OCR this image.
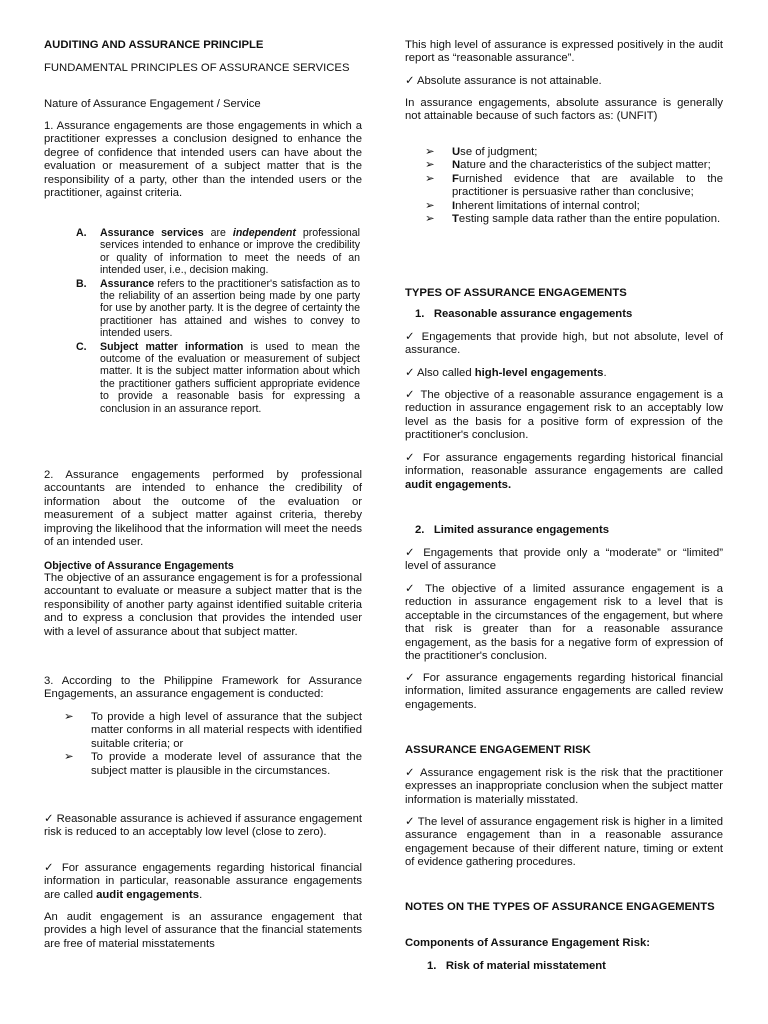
AUDITING AND ASSURANCE PRINCIPLE

FUNDAMENTAL PRINCIPLES OF ASSURANCE SERVICES

Nature of Assurance Engagement / Service

1. Assurance engagements are those engagements in which a practitioner expresses a conclusion designed to enhance the degree of confidence that intended users can have about the evaluation or measurement of a subject matter that is the responsibility of a party, other than the intended users or the practitioner, against criteria.

A.	Assurance services are independent professional services intended to enhance or improve the credibility or quality of information to meet the needs of an intended user, i.e., decision making.
B.	Assurance refers to the practitioner's satisfaction as to the reliability of an assertion being made by one party for use by another party. It is the degree of certainty the practitioner has attained and wishes to convey to intended users.
C.	Subject matter information is used to mean the outcome of the evaluation or measurement of subject matter. It is the subject matter information about which the practitioner gathers sufficient appropriate evidence to provide a reasonable basis for expressing a conclusion in an assurance report.

2. Assurance engagements performed by professional accountants are intended to enhance the credibility of information about the outcome of the evaluation or measurement of a subject matter against criteria, thereby improving the likelihood that the information will meet the needs of an intended user.

Objective of Assurance Engagements

The objective of an assurance engagement is for a professional accountant to evaluate or measure a subject matter that is the responsibility of another party against identified suitable criteria and to express a conclusion that provides the intended user with a level of assurance about that subject matter.

3. According to the Philippine Framework for Assurance Engagements, an assurance engagement is conducted:

➢	To provide a high level of assurance that the subject matter conforms in all material respects with identified suitable criteria; or
➢	To provide a moderate level of assurance that the subject matter is plausible in the circumstances.

✓ Reasonable assurance is achieved if assurance engagement risk is reduced to an acceptably low level (close to zero).

✓ For assurance engagements regarding historical financial information in particular, reasonable assurance engagements are called audit engagements.

An audit engagement is an assurance engagement that provides a high level of assurance that the financial statements are free of material misstatements

This high level of assurance is expressed positively in the audit report as “reasonable assurance”.

✓ Absolute assurance is not attainable.

In assurance engagements, absolute assurance is generally not attainable because of such factors as: (UNFIT)

➢	Use of judgment;
➢	Nature and the characteristics of the subject matter;
➢	Furnished evidence that are available to the practitioner is persuasive rather than conclusive;
➢	Inherent limitations of internal control;
➢	Testing sample data rather than the entire population.

TYPES OF ASSURANCE ENGAGEMENTS

1.   Reasonable assurance engagements

✓ Engagements that provide high, but not absolute, level of assurance.

✓ Also called high-level engagements.

✓ The objective of a reasonable assurance engagement is a reduction in assurance engagement risk to an acceptably low level as the basis for a positive form of expression of the practitioner's conclusion.

✓ For assurance engagements regarding historical financial information, reasonable assurance engagements are called audit engagements.

2.   Limited assurance engagements

✓ Engagements that provide only a “moderate” or “limited” level of assurance

✓ The objective of a limited assurance engagement is a reduction in assurance engagement risk to a level that is acceptable in the circumstances of the engagement, but where that risk is greater than for a reasonable assurance engagement, as the basis for a negative form of expression of the practitioner's conclusion.

✓ For assurance engagements regarding historical financial information, limited assurance engagements are called review engagements.

ASSURANCE ENGAGEMENT RISK

✓ Assurance engagement risk is the risk that the practitioner expresses an inappropriate conclusion when the subject matter information is materially misstated.

✓ The level of assurance engagement risk is higher in a limited assurance engagement than in a reasonable assurance engagement because of their different nature, timing or extent of evidence gathering procedures.

NOTES ON THE TYPES OF ASSURANCE ENGAGEMENTS

Components of Assurance Engagement Risk:

1.   Risk of material misstatement
